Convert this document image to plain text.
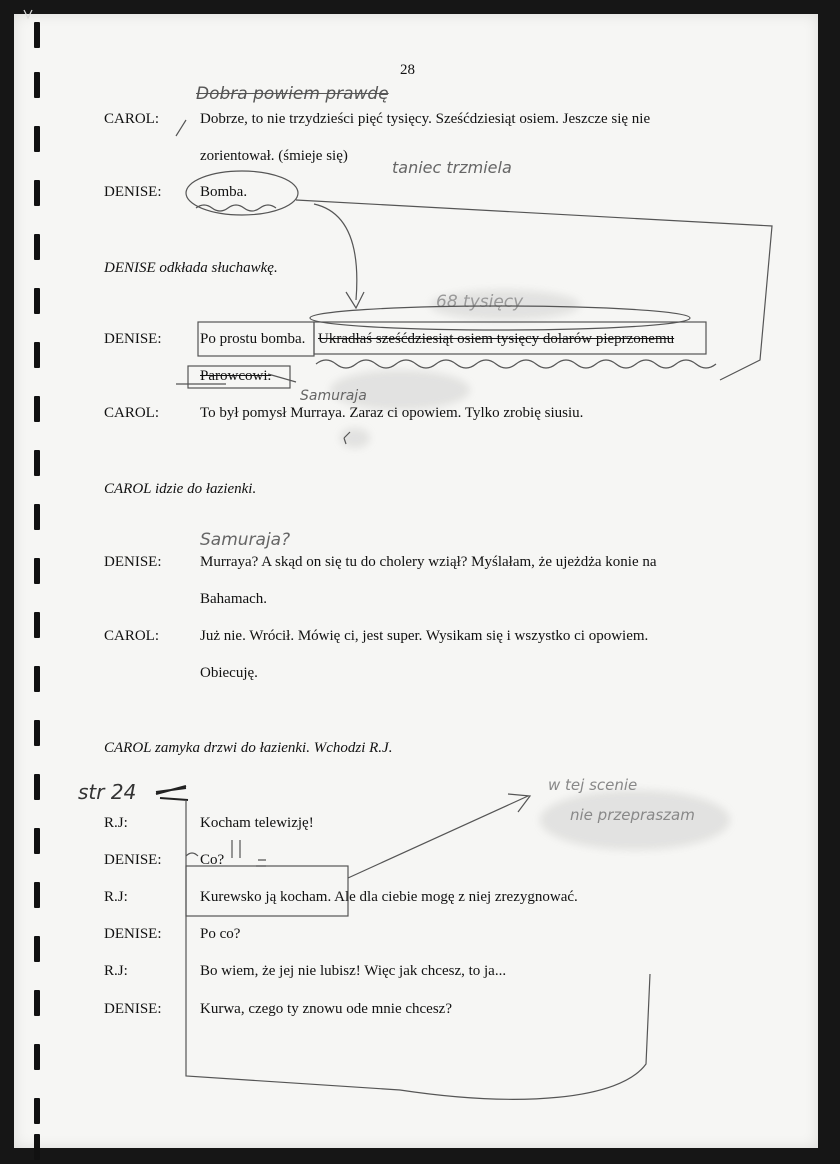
28
CAROL:	Dobrze, to nie trzydzieści pięć tysięcy. Sześćdziesiąt osiem. Jeszcze się nie
zorientował. (śmieje się)
DENISE:	Bomba.
DENISE odkłada słuchawkę.
DENISE:	Po prostu bomba. Ukradłaś sześćdziesiąt osiem tysięcy dolarów pieprzonemu
Parowcowi.
CAROL:	To był pomysł Murraya. Zaraz ci opowiem. Tylko zrobię siusiu.
CAROL idzie do łazienki.
DENISE:	Murraya? A skąd on się tu do cholery wziął? Myślałam, że ujeżdża konie na
Bahamach.
CAROL:	Już nie. Wrócił. Mówię ci, jest super. Wysikam się i wszystko ci opowiem.
Obiecuję.
CAROL zamyka drzwi do łazienki. Wchodzi R.J.
R.J:	Kocham telewizję!
DENISE:	Co?
R.J:	Kurewsko ją kocham. Ale dla ciebie mogę z niej zrezygnować.
DENISE:	Po co?
R.J:	Bo wiem, że jej nie lubisz! Więc jak chcesz, to ja...
DENISE:	Kurwa, czego ty znowu ode mnie chcesz?
Dobra powiem prawdę
taniec trzmiela
68 tysięcy
Samuraja
Samuraja?
str 24	w tej scenie
nie przepraszam
